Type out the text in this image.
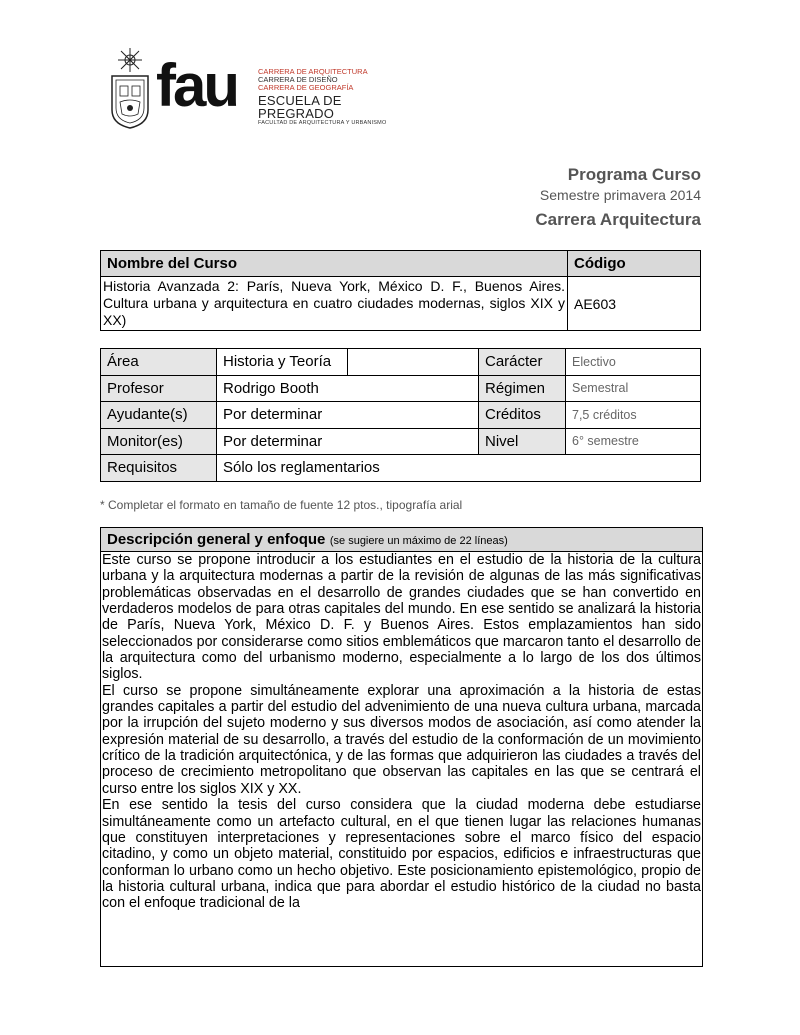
fau	CARRERA DE ARQUITECTURA
CARRERA DE DISEÑO
CARRERA DE GEOGRAFÍA
ESCUELA DE PREGRADO
FACULTAD DE ARQUITECTURA Y URBANISMO
Programa Curso
Semestre primavera 2014
Carrera Arquitectura
Nombre del Curso	Código
Historia Avanzada 2: París, Nueva York, México D. F., Buenos Aires. Cultura urbana y arquitectura en cuatro ciudades modernas, siglos XIX y XX)	AE603
Área	Historia y Teoría		Carácter	Electivo
Profesor	Rodrigo Booth		Régimen	Semestral
Ayudante(s)	Por determinar		Créditos	7,5 créditos
Monitor(es)	Por determinar		Nivel	6° semestre
Requisitos	Sólo los reglamentarios			
* Completar el formato en tamaño de fuente 12 ptos., tipografía arial
Descripción general y enfoque (se sugiere un máximo de 22 líneas)

Este curso se propone introducir a los estudiantes en el estudio de la historia de la cultura urbana y la arquitectura modernas a partir de la revisión de algunas de las más significativas problemáticas observadas en el desarrollo de grandes ciudades que se han convertido en verdaderos modelos de para otras capitales del mundo. En ese sentido se analizará la historia de París, Nueva York, México D. F. y Buenos Aires. Estos emplazamientos han sido seleccionados por considerarse como sitios emblemáticos que marcaron tanto el desarrollo de la arquitectura como del urbanismo moderno, especialmente a lo largo de los dos últimos siglos.

El curso se propone simultáneamente explorar una aproximación a la historia de estas grandes capitales a partir del estudio del advenimiento de una nueva cultura urbana, marcada por la irrupción del sujeto moderno y sus diversos modos de asociación, así como atender la expresión material de su desarrollo, a través del estudio de la conformación de un movimiento crítico de la tradición arquitectónica, y de las formas que adquirieron las ciudades a través del proceso de crecimiento metropolitano que observan las capitales en las que se centrará el curso entre los siglos XIX y XX.

En ese sentido la tesis del curso considera que la ciudad moderna debe estudiarse simultáneamente como un artefacto cultural, en el que tienen lugar las relaciones humanas que constituyen interpretaciones y representaciones sobre el marco físico del espacio citadino, y como un objeto material, constituido por espacios, edificios e infraestructuras que conforman lo urbano como un hecho objetivo. Este posicionamiento epistemológico, propio de la historia cultural urbana, indica que para abordar el estudio histórico de la ciudad no basta con el enfoque tradicional de la
